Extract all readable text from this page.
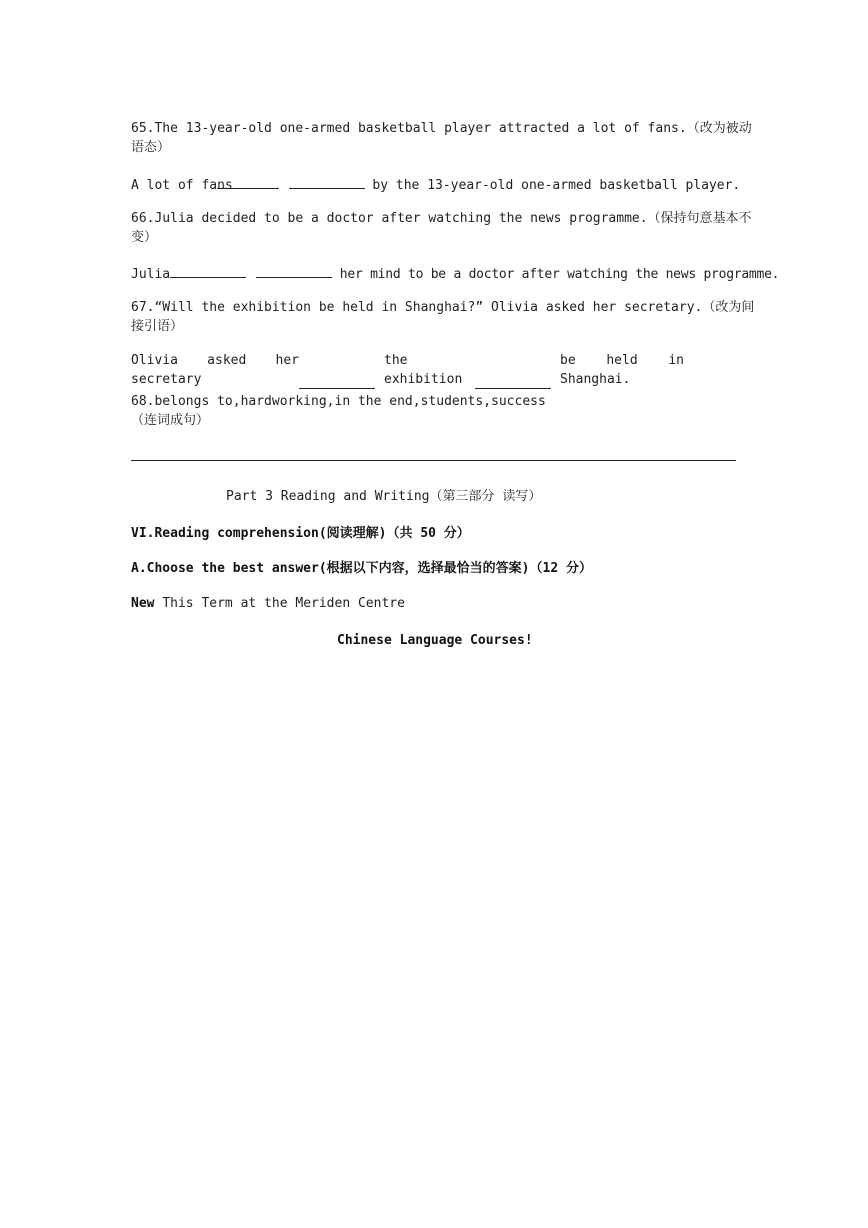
65.The 13-year-old one-armed basketball player attracted a lot of fans.（改为被动语态）

A lot of fans	by the 13-year-old one-armed basketball player.

66.Julia decided to be a doctor after watching the news programme.（保持句意基本不变）

Julia	her mind to be a doctor after watching the news programme.

67.“Will the exhibition be held in Shanghai?” Olivia asked her secretary.（改为间接引语）

Olivia asked her secretary
the exhibition
be held in Shanghai.

68.belongs to,hardworking,in the end,students,success（连词成句）

Part 3 Reading and Writing（第三部分 读写）

VI.Reading comprehension(阅读理解)（共 50 分）

A.Choose the best answer(根据以下内容，选择最恰当的答案)（12 分）

New This Term at the Meriden Centre

Chinese Language Courses!
